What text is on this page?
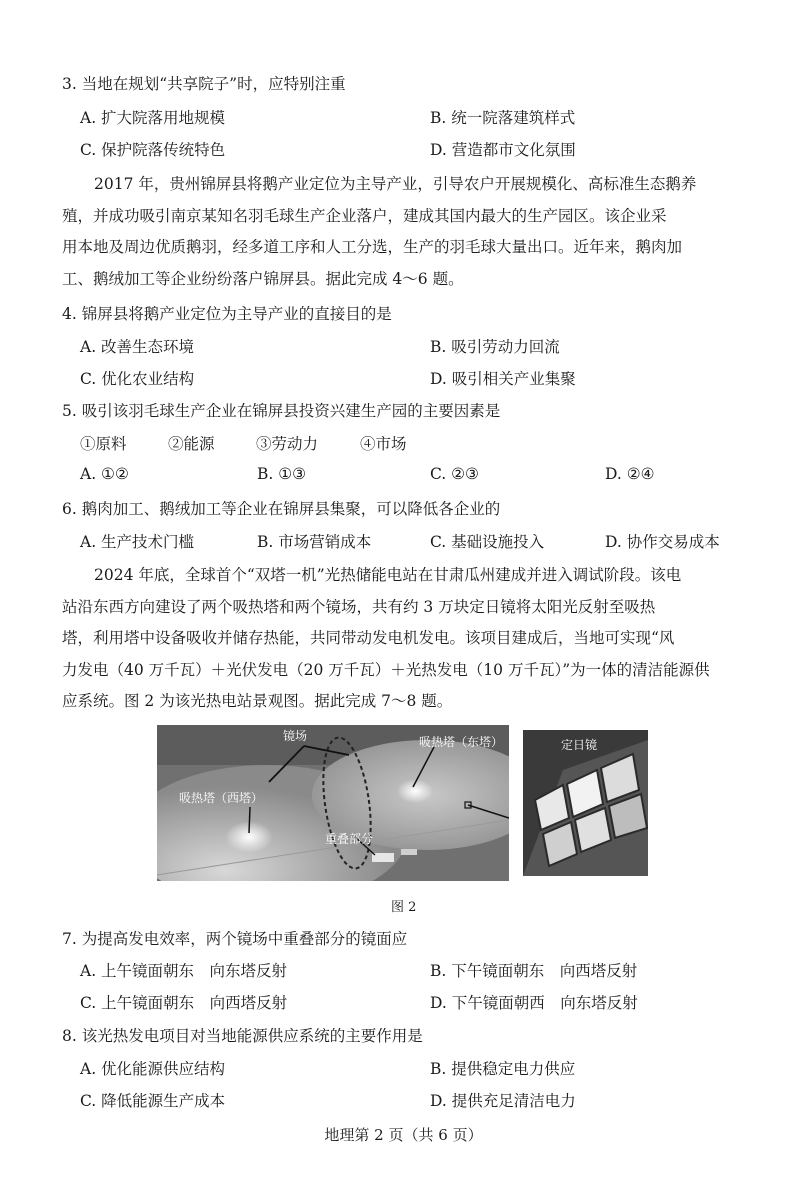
3. 当地在规划“共享院子”时，应特别注重
A. 扩大院落用地规模	B. 统一院落建筑样式
C. 保护院落传统特色	D. 营造都市文化氛围
2017 年，贵州锦屏县将鹅产业定位为主导产业，引导农户开展规模化、高标准生态鹅养
殖，并成功吸引南京某知名羽毛球生产企业落户，建成其国内最大的生产园区。该企业采
用本地及周边优质鹅羽，经多道工序和人工分选，生产的羽毛球大量出口。近年来，鹅肉加
工、鹅绒加工等企业纷纷落户锦屏县。据此完成 4～6 题。
4. 锦屏县将鹅产业定位为主导产业的直接目的是
A. 改善生态环境	B. 吸引劳动力回流
C. 优化农业结构	D. 吸引相关产业集聚
5. 吸引该羽毛球生产企业在锦屏县投资兴建生产园的主要因素是
①原料	②能源	③劳动力	④市场
A. ①②	B. ①③	C. ②③	D. ②④
6. 鹅肉加工、鹅绒加工等企业在锦屏县集聚，可以降低各企业的
A. 生产技术门槛	B. 市场营销成本	C. 基础设施投入	D. 协作交易成本
2024 年底，全球首个“双塔一机”光热储能电站在甘肃瓜州建成并进入调试阶段。该电
站沿东西方向建设了两个吸热塔和两个镜场，共有约 3 万块定日镜将太阳光反射至吸热
塔，利用塔中设备吸收并储存热能，共同带动发电机发电。该项目建成后，当地可实现“风
力发电（40 万千瓦）＋光伏发电（20 万千瓦）＋光热发电（10 万千瓦）”为一体的清洁能源供
应系统。图 2 为该光热电站景观图。据此完成 7～8 题。
镜场	吸热塔（东塔）
吸热塔（西塔）
重叠部分
定日镜
图 2
7. 为提高发电效率，两个镜场中重叠部分的镜面应
A. 上午镜面朝东　向东塔反射	B. 下午镜面朝东　向西塔反射
C. 上午镜面朝东　向西塔反射	D. 下午镜面朝西　向东塔反射
8. 该光热发电项目对当地能源供应系统的主要作用是
A. 优化能源供应结构	B. 提供稳定电力供应
C. 降低能源生产成本	D. 提供充足清洁电力
地理第 2 页（共 6 页）
